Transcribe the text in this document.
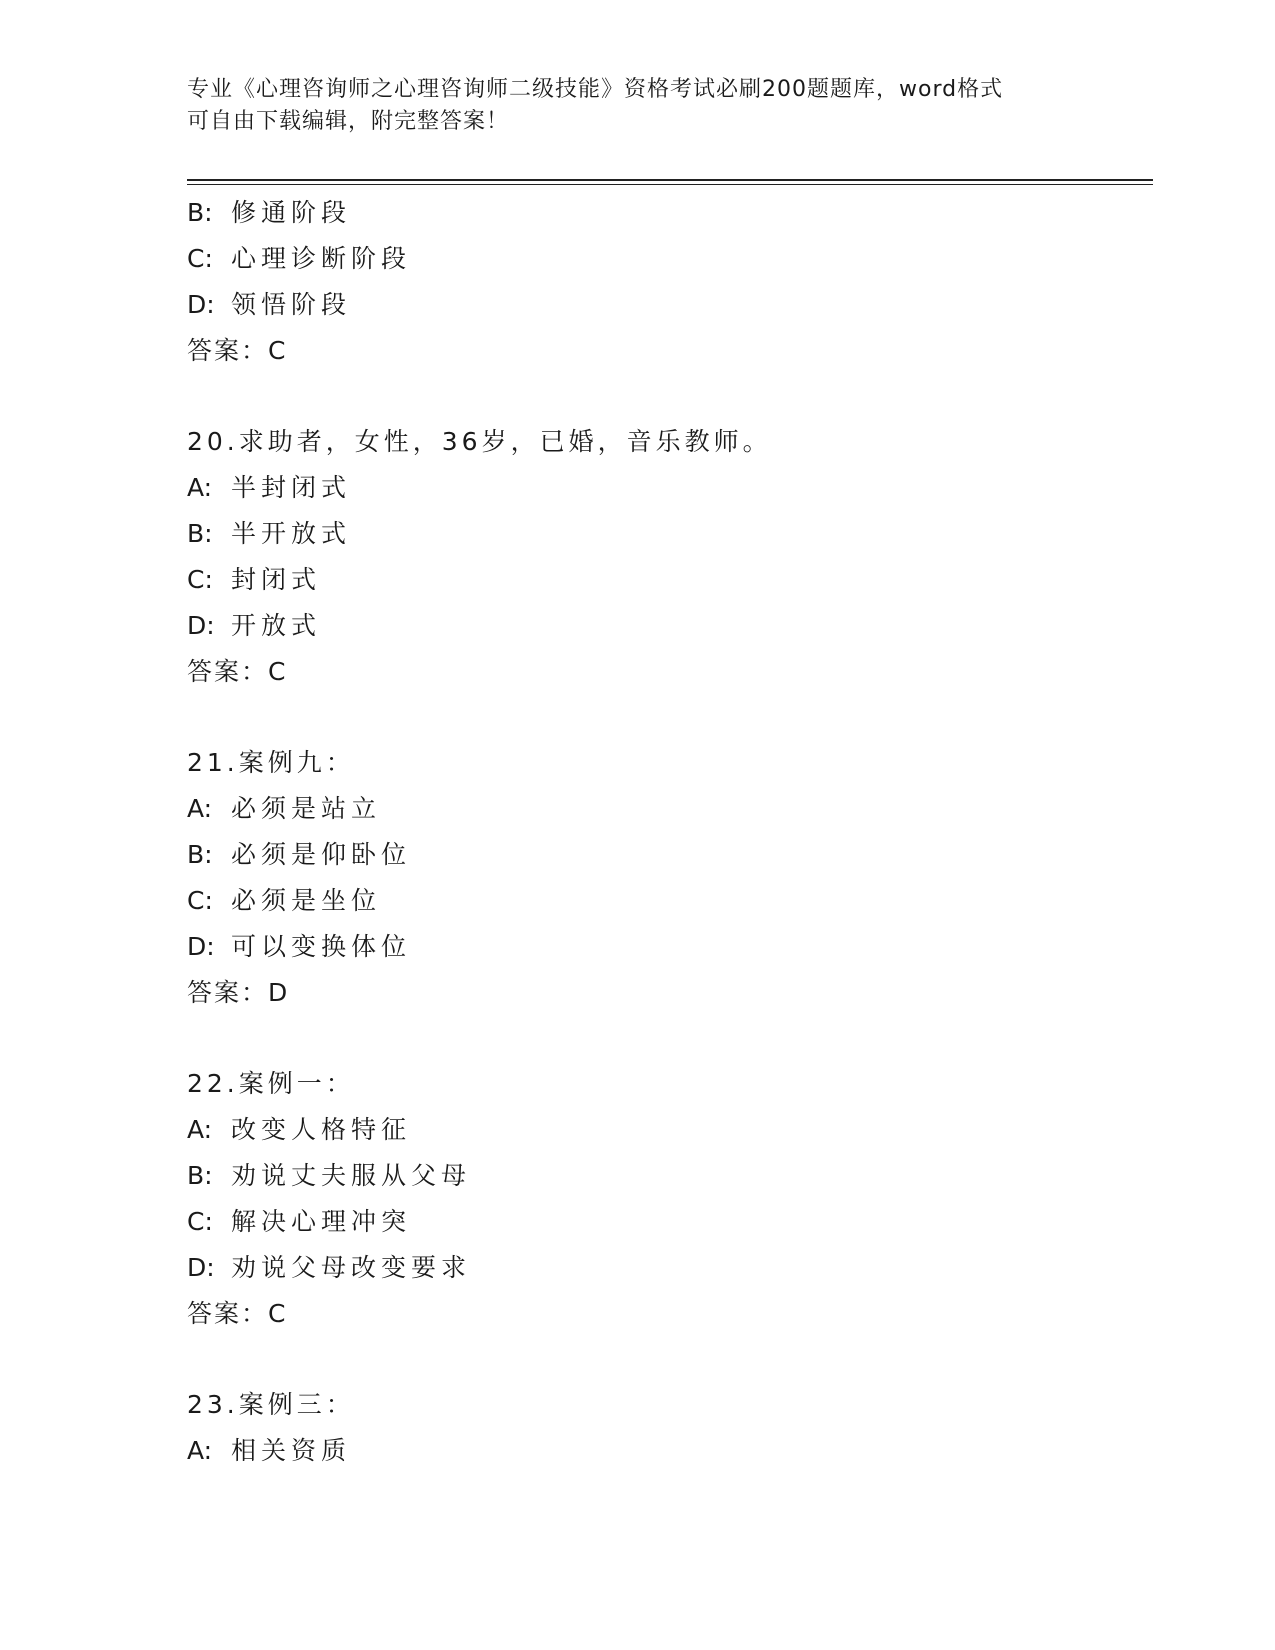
专业《心理咨询师之心理咨询师二级技能》资格考试必刷200题题库，word格式
可自由下载编辑，附完整答案！
B: 修通阶段
C: 心理诊断阶段
D: 领悟阶段
答案：C
20.求助者，女性，36岁，已婚，音乐教师。
A: 半封闭式
B: 半开放式
C: 封闭式
D: 开放式
答案：C
21.案例九：
A: 必须是站立
B: 必须是仰卧位
C: 必须是坐位
D: 可以变换体位
答案：D
22.案例一：
A: 改变人格特征
B: 劝说丈夫服从父母
C: 解决心理冲突
D: 劝说父母改变要求
答案：C
23.案例三：
A: 相关资质
